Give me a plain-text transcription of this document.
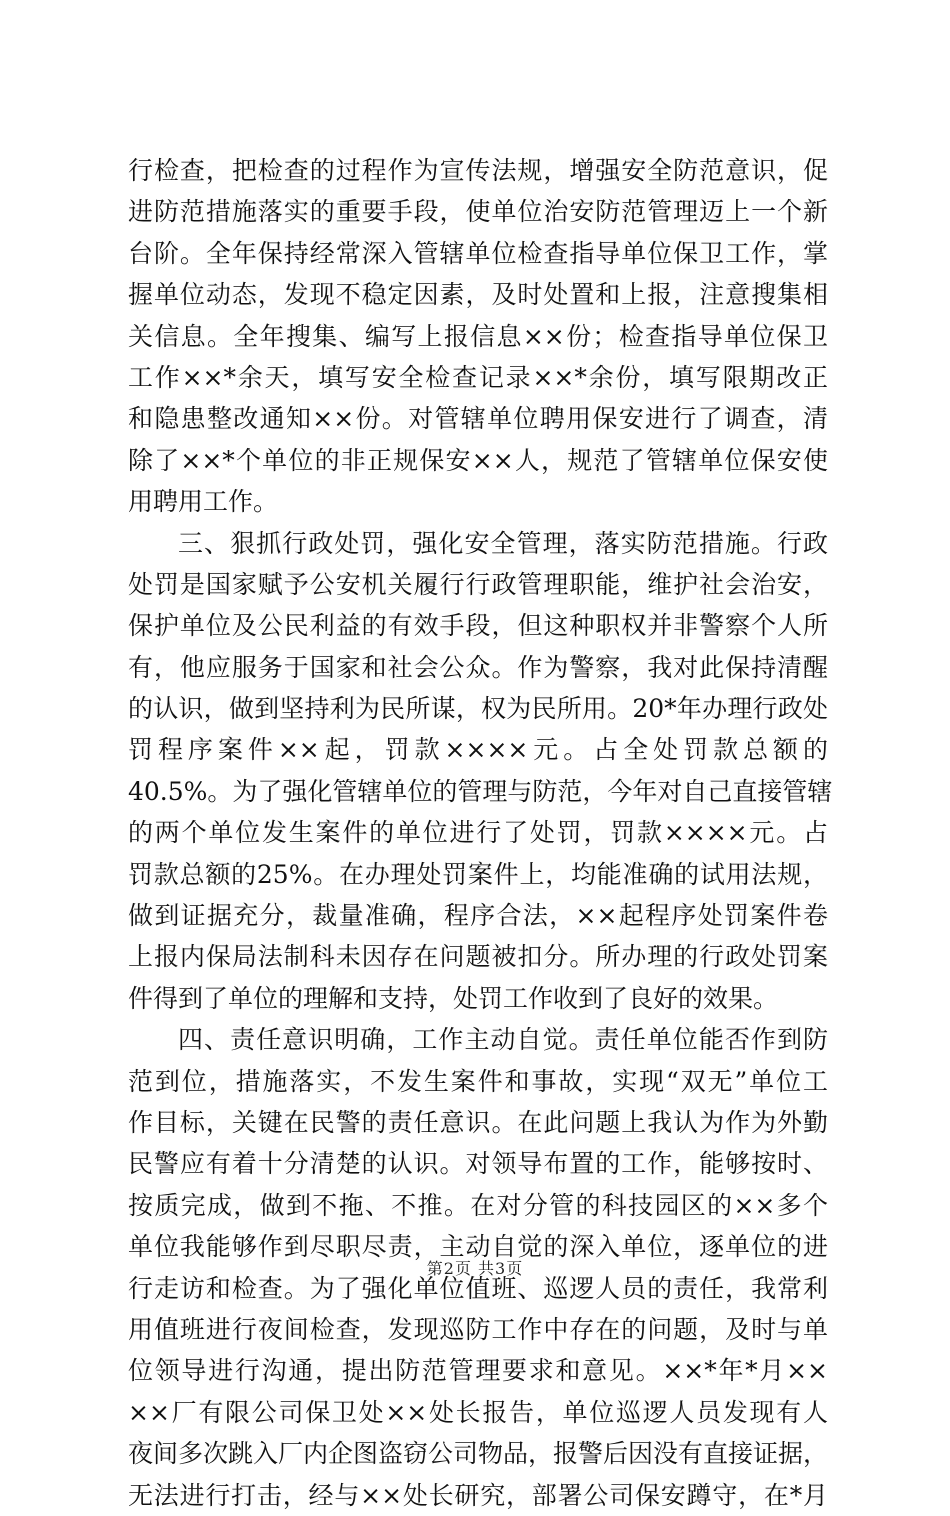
行检查，把检查的过程作为宣传法规，增强安全防范意识，促
进防范措施落实的重要手段，使单位治安防范管理迈上一个新
台阶。全年保持经常深入管辖单位检查指导单位保卫工作，掌
握单位动态，发现不稳定因素，及时处置和上报，注意搜集相
关信息。全年搜集、编写上报信息××份；检查指导单位保卫
工作××*余天，填写安全检查记录××*余份，填写限期改正
和隐患整改通知××份。对管辖单位聘用保安进行了调查，清
除了××*个单位的非正规保安××人，规范了管辖单位保安使
用聘用工作。
三、狠抓行政处罚，强化安全管理，落实防范措施。行政
处罚是国家赋予公安机关履行行政管理职能，维护社会治安，
保护单位及公民利益的有效手段，但这种职权并非警察个人所
有，他应服务于国家和社会公众。作为警察，我对此保持清醒
的认识，做到坚持利为民所谋，权为民所用。20*年办理行政处
罚程序案件××起，罚款××××元。占全处罚款总额的
40.5%。为了强化管辖单位的管理与防范，今年对自己直接管辖
的两个单位发生案件的单位进行了处罚，罚款××××元。占
罚款总额的25%。在办理处罚案件上，均能准确的试用法规，
做到证据充分，裁量准确，程序合法，××起程序处罚案件卷
上报内保局法制科未因存在问题被扣分。所办理的行政处罚案
件得到了单位的理解和支持，处罚工作收到了良好的效果。
四、责任意识明确，工作主动自觉。责任单位能否作到防
范到位，措施落实，不发生案件和事故，实现“双无”单位工
作目标，关键在民警的责任意识。在此问题上我认为作为外勤
民警应有着十分清楚的认识。对领导布置的工作，能够按时、
按质完成，做到不拖、不推。在对分管的科技园区的××多个
单位我能够作到尽职尽责，主动自觉的深入单位，逐单位的进
行走访和检查。为了强化单位值班、巡逻人员的责任，我常利
用值班进行夜间检查，发现巡防工作中存在的问题，及时与单
位领导进行沟通，提出防范管理要求和意见。××*年*月××
××厂有限公司保卫处××处长报告，单位巡逻人员发现有人
夜间多次跳入厂内企图盗窃公司物品，报警后因没有直接证据，
无法进行打击，经与××处长研究，部署公司保安蹲守，在*月
第2页 共3页
